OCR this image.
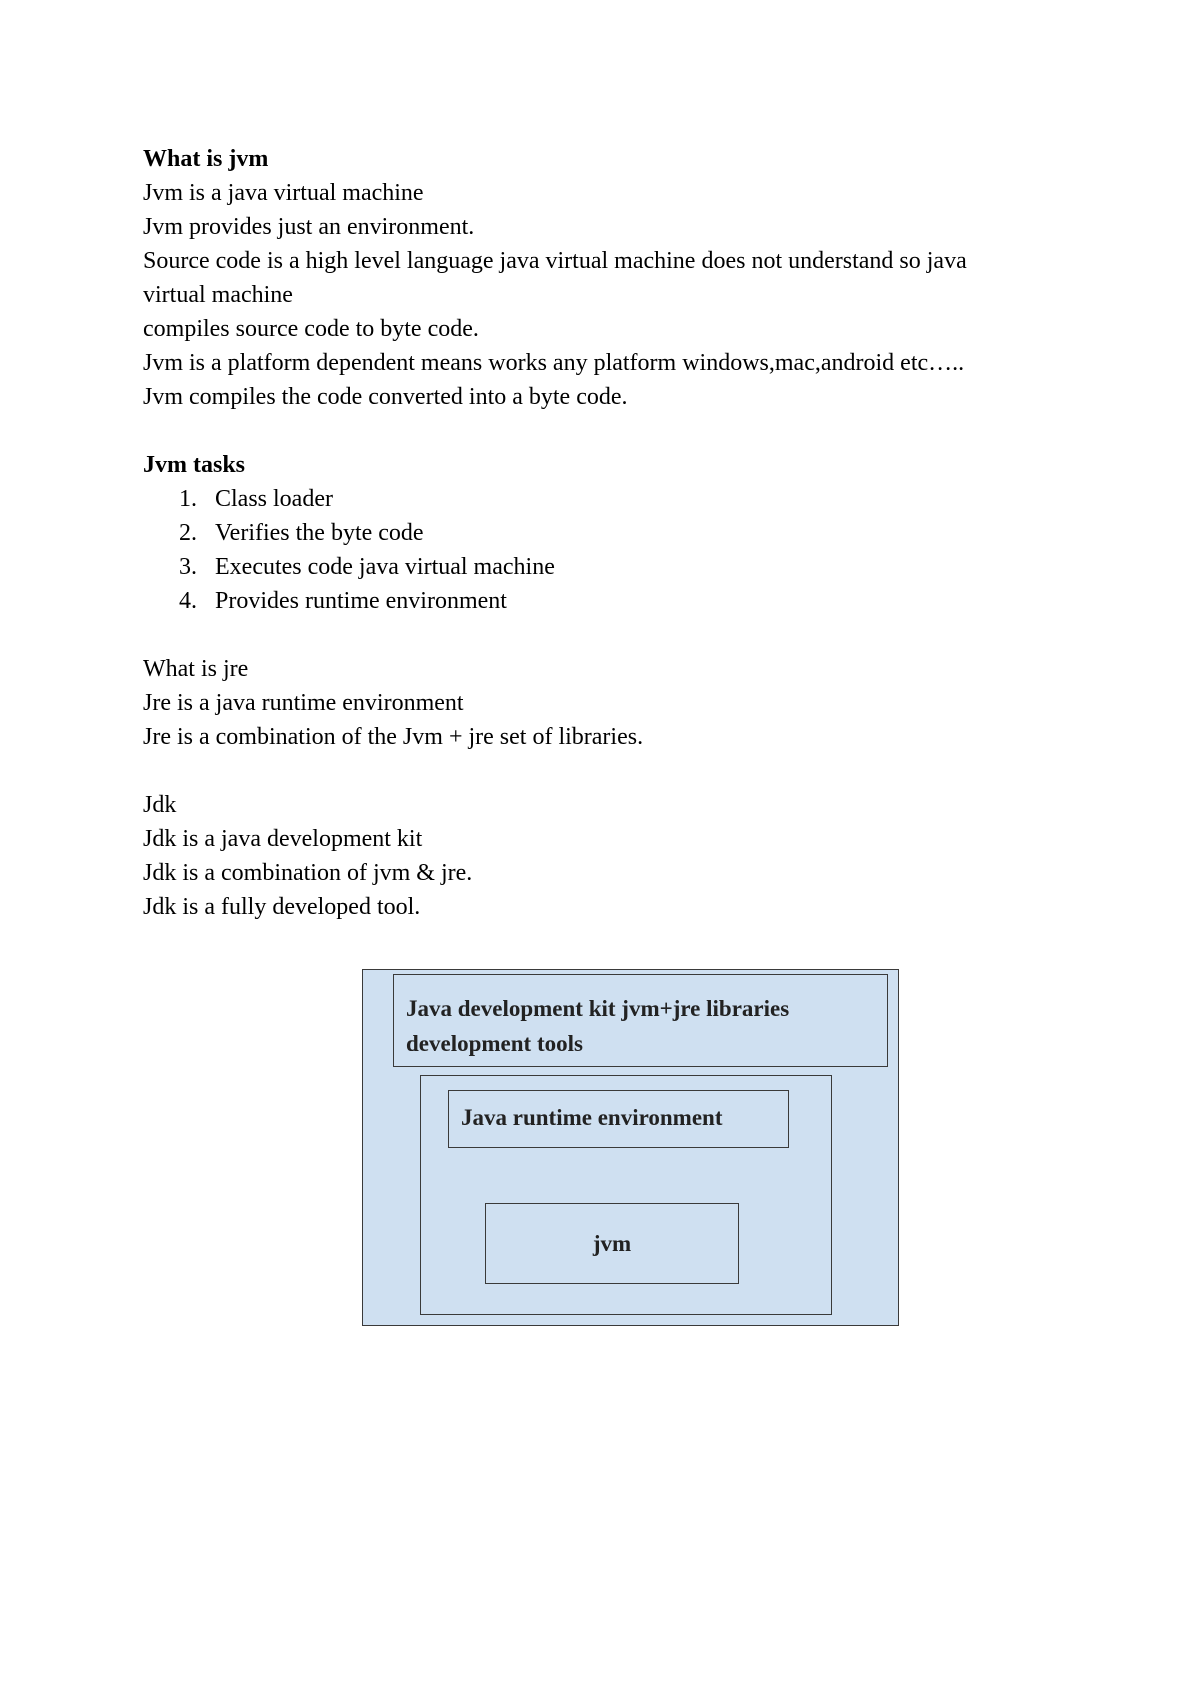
What is jvm
Jvm is a java virtual machine
Jvm provides just an environment.
Source code is a high level language java virtual machine does not understand so java
virtual machine
compiles source code to byte code.
Jvm is a platform dependent means works any platform windows,mac,android etc…..
Jvm compiles the code converted into a byte code.
Jvm tasks
1. Class loader
2. Verifies the byte code
3. Executes code java virtual machine
4. Provides runtime environment
What is jre
Jre is a java runtime environment
Jre is a combination of the Jvm + jre set of libraries.
Jdk
Jdk is a java development kit
Jdk is a combination of jvm & jre.
Jdk is a fully developed tool.
Java development kit jvm+jre libraries
development tools
Java runtime environment
jvm
